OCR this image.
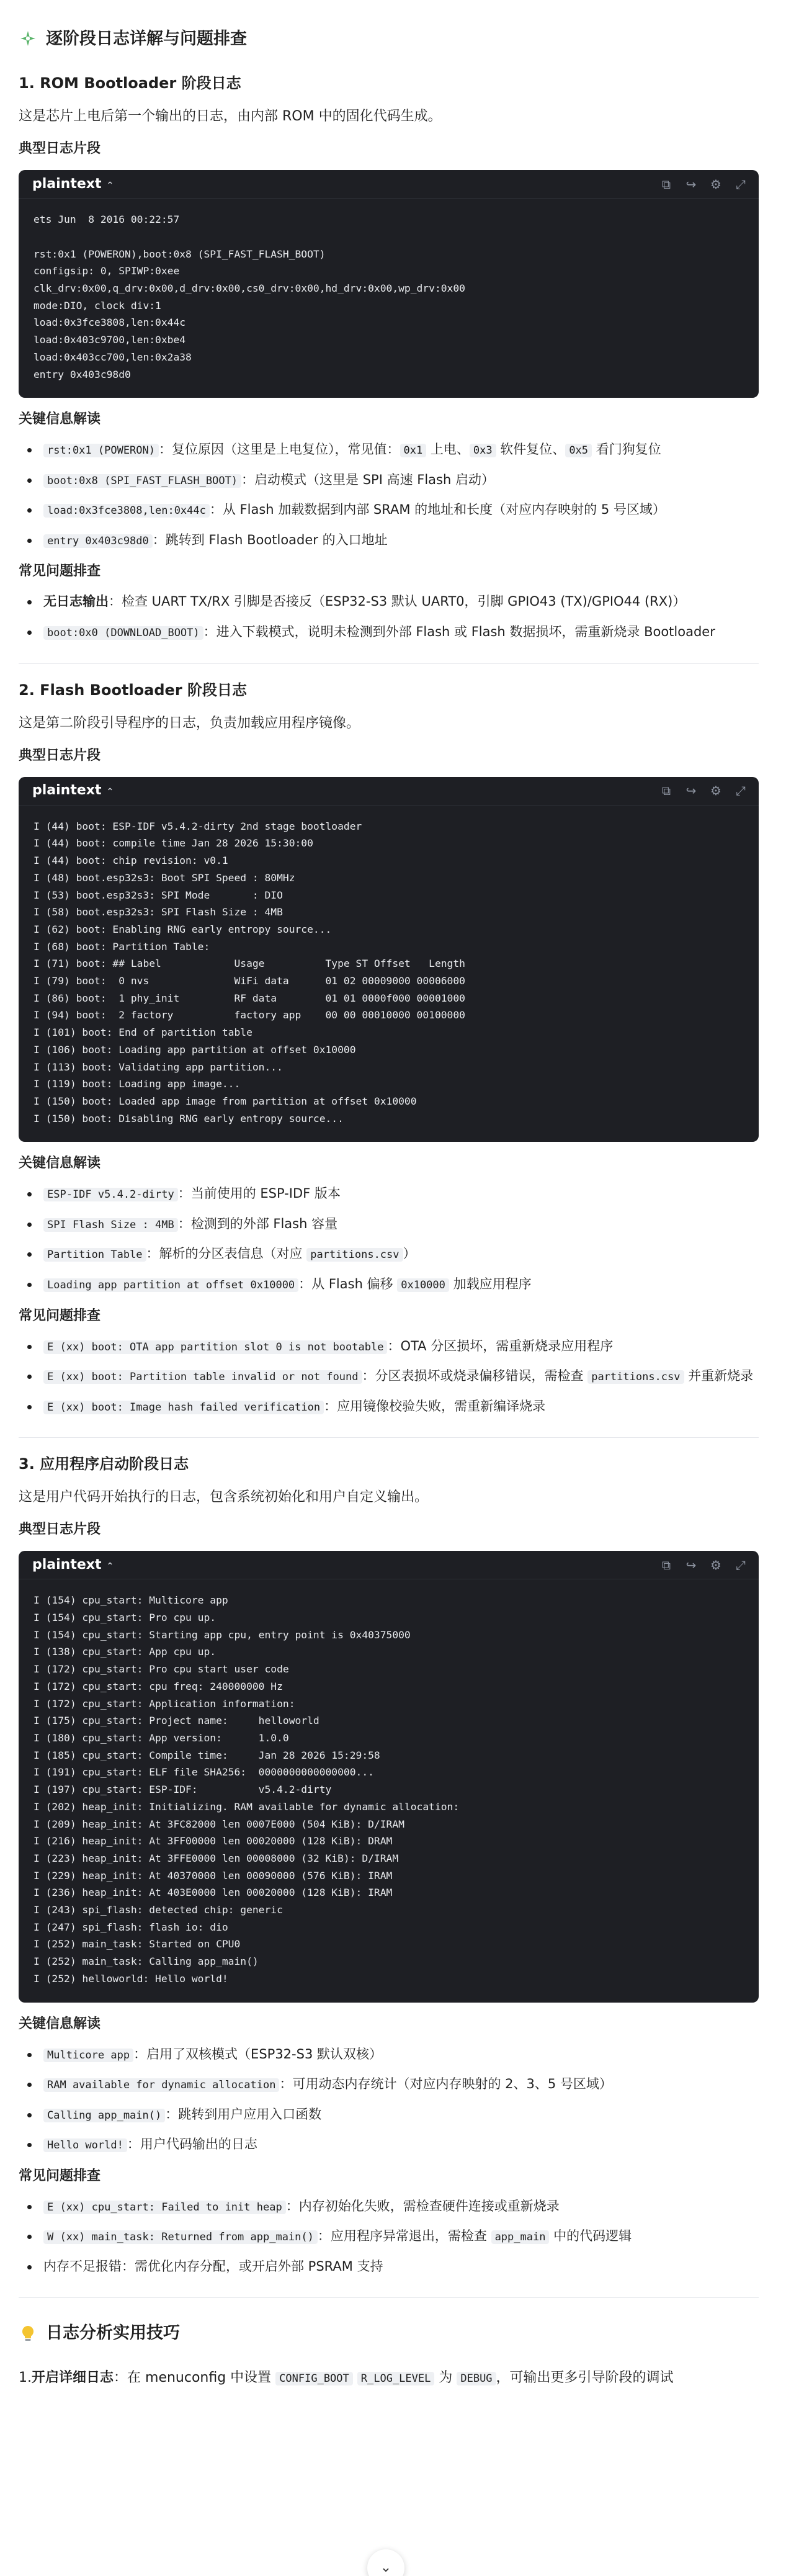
逐阶段日志详解与问题排查
1. ROM Bootloader 阶段日志

这是芯片上电后第一个输出的日志，由内部 ROM 中的固化代码生成。

典型日志片段
plaintext ⌃	⧉ ↪ ⚙ ⤢
ets Jun  8 2016 00:22:57

rst:0x1 (POWERON),boot:0x8 (SPI_FAST_FLASH_BOOT)
configsip: 0, SPIWP:0xee
clk_drv:0x00,q_drv:0x00,d_drv:0x00,cs0_drv:0x00,hd_drv:0x00,wp_drv:0x00
mode:DIO, clock div:1
load:0x3fce3808,len:0x44c
load:0x403c9700,len:0xbe4
load:0x403cc700,len:0x2a38
entry 0x403c98d0
关键信息解读
rst:0x1 (POWERON) ：复位原因（这里是上电复位），常见值： 0x1 上电、 0x3 软件复位、 0x5 看门狗复位
boot:0x8 (SPI_FAST_FLASH_BOOT) ：启动模式（这里是 SPI 高速 Flash 启动）
load:0x3fce3808,len:0x44c ：从 Flash 加载数据到内部 SRAM 的地址和长度（对应内存映射的 5 号区域）
entry 0x403c98d0 ：跳转到 Flash Bootloader 的入口地址
常见问题排查
无日志输出：检查 UART TX/RX 引脚是否接反（ESP32-S3 默认 UART0，引脚 GPIO43 (TX)/GPIO44 (RX)）
boot:0x0 (DOWNLOAD_BOOT) ：进入下载模式，说明未检测到外部 Flash 或 Flash 数据损坏，需重新烧录 Bootloader
2. Flash Bootloader 阶段日志

这是第二阶段引导程序的日志，负责加载应用程序镜像。

典型日志片段
plaintext ⌃	⧉ ↪ ⚙ ⤢
I (44) boot: ESP-IDF v5.4.2-dirty 2nd stage bootloader
I (44) boot: compile time Jan 28 2026 15:30:00
I (44) boot: chip revision: v0.1
I (48) boot.esp32s3: Boot SPI Speed : 80MHz
I (53) boot.esp32s3: SPI Mode       : DIO
I (58) boot.esp32s3: SPI Flash Size : 4MB
I (62) boot: Enabling RNG early entropy source...
I (68) boot: Partition Table:
I (71) boot: ## Label            Usage          Type ST Offset   Length
I (79) boot:  0 nvs              WiFi data      01 02 00009000 00006000
I (86) boot:  1 phy_init         RF data        01 01 0000f000 00001000
I (94) boot:  2 factory          factory app    00 00 00010000 00100000
I (101) boot: End of partition table
I (106) boot: Loading app partition at offset 0x10000
I (113) boot: Validating app partition...
I (119) boot: Loading app image...
I (150) boot: Loaded app image from partition at offset 0x10000
I (150) boot: Disabling RNG early entropy source...
关键信息解读
ESP-IDF v5.4.2-dirty ：当前使用的 ESP-IDF 版本
SPI Flash Size : 4MB ：检测到的外部 Flash 容量
Partition Table ：解析的分区表信息（对应 partitions.csv ）
Loading app partition at offset 0x10000 ：从 Flash 偏移 0x10000 加载应用程序
常见问题排查
E (xx) boot: OTA app partition slot 0 is not bootable ：OTA 分区损坏，需重新烧录应用程序
E (xx) boot: Partition table invalid or not found ：分区表损坏或烧录偏移错误，需检查 partitions.csv 并重新烧录
E (xx) boot: Image hash failed verification ：应用镜像校验失败，需重新编译烧录
3. 应用程序启动阶段日志

这是用户代码开始执行的日志，包含系统初始化和用户自定义输出。

典型日志片段
plaintext ⌃	⧉ ↪ ⚙ ⤢
I (154) cpu_start: Multicore app
I (154) cpu_start: Pro cpu up.
I (154) cpu_start: Starting app cpu, entry point is 0x40375000
I (138) cpu_start: App cpu up.
I (172) cpu_start: Pro cpu start user code
I (172) cpu_start: cpu freq: 240000000 Hz
I (172) cpu_start: Application information:
I (175) cpu_start: Project name:     helloworld
I (180) cpu_start: App version:      1.0.0
I (185) cpu_start: Compile time:     Jan 28 2026 15:29:58
I (191) cpu_start: ELF file SHA256:  0000000000000000...
I (197) cpu_start: ESP-IDF:          v5.4.2-dirty
I (202) heap_init: Initializing. RAM available for dynamic allocation:
I (209) heap_init: At 3FC82000 len 0007E000 (504 KiB): D/IRAM
I (216) heap_init: At 3FF00000 len 00020000 (128 KiB): DRAM
I (223) heap_init: At 3FFE0000 len 00008000 (32 KiB): D/IRAM
I (229) heap_init: At 40370000 len 00090000 (576 KiB): IRAM
I (236) heap_init: At 403E0000 len 00020000 (128 KiB): IRAM
I (243) spi_flash: detected chip: generic
I (247) spi_flash: flash io: dio
I (252) main_task: Started on CPU0
I (252) main_task: Calling app_main()
I (252) helloworld: Hello world!
关键信息解读
Multicore app ：启用了双核模式（ESP32-S3 默认双核）
RAM available for dynamic allocation ：可用动态内存统计（对应内存映射的 2、3、5 号区域）
Calling app_main() ：跳转到用户应用入口函数
Hello world! ：用户代码输出的日志
常见问题排查
E (xx) cpu_start: Failed to init heap ：内存初始化失败，需检查硬件连接或重新烧录
W (xx) main_task: Returned from app_main() ：应用程序异常退出，需检查 app_main 中的代码逻辑
内存不足报错：需优化内存分配，或开启外部 PSRAM 支持
日志分析实用技巧
1.开启详细日志：在 menuconfig 中设置 CONFIG_BOOT R_LOG_LEVEL 为 DEBUG ，可输出更多引导阶段的调试
⌄
